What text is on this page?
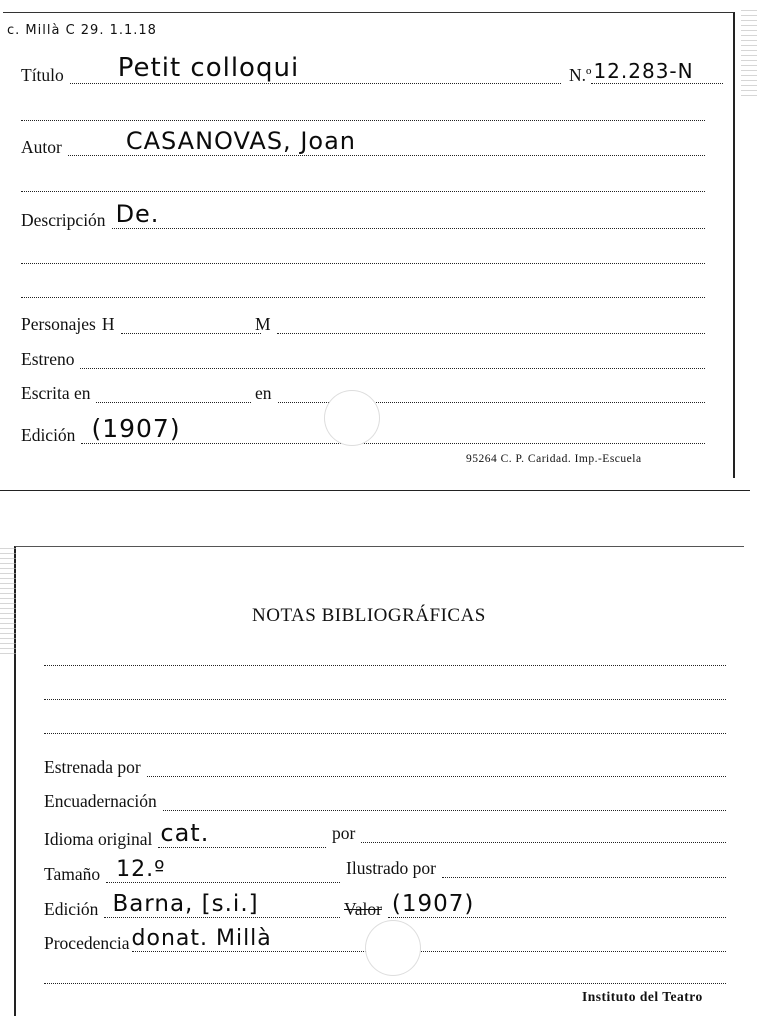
c. Millà C 29. 1.1.18
Título Petit colloqui	N.º 12.283-N
Autor	CASANOVAS, Joan
Descripción De.
Personajes H	M
Estreno
Escrita en	en
Edición (1907)
95264 C. P. Caridad. Imp.-Escuela
NOTAS BIBLIOGRÁFICAS
Estrenada por
Encuadernación
Idioma original cat.	por
Tamaño 12.º	Ilustrado por
Edición Barna, [s.i.]	Valor (1907)
Procedencia donat. Millà
Instituto del Teatro
